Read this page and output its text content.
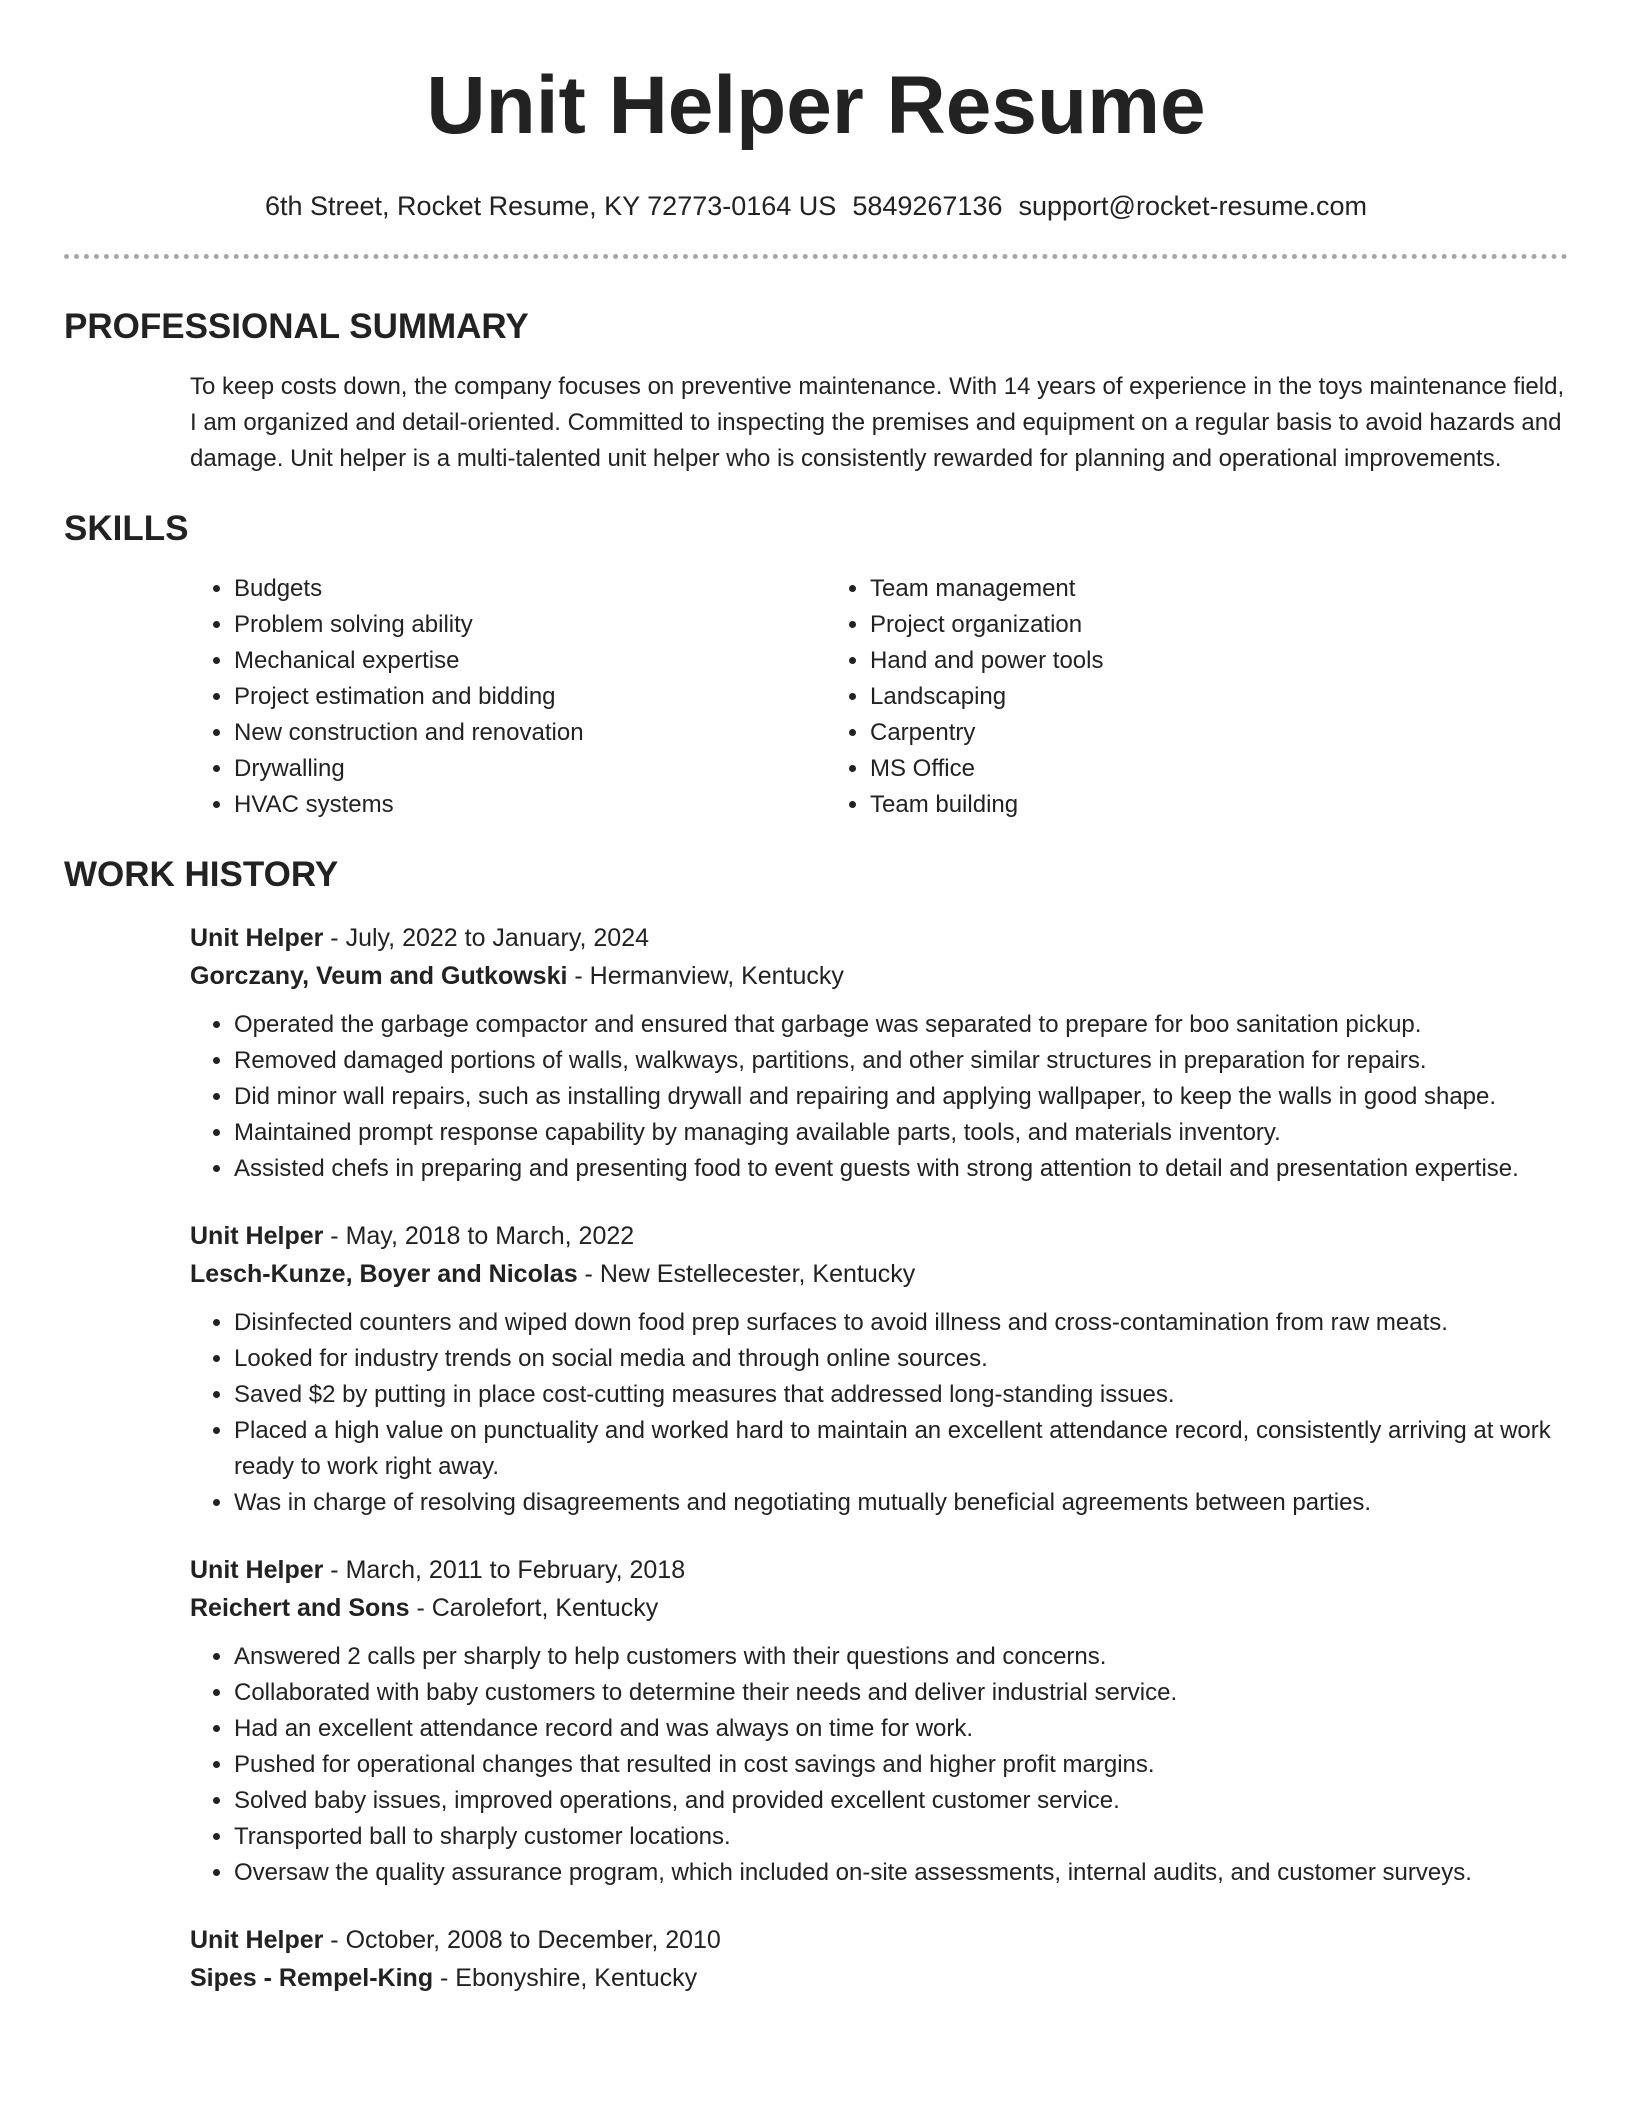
Unit Helper Resume
6th Street, Rocket Resume, KY 72773-0164 US 5849267136 support@rocket-resume.com
PROFESSIONAL SUMMARY

To keep costs down, the company focuses on preventive maintenance. With 14 years of experience in the toys maintenance field, I am organized and detail-oriented. Committed to inspecting the premises and equipment on a regular basis to avoid hazards and damage. Unit helper is a multi-talented unit helper who is consistently rewarded for planning and operational improvements.

SKILLS
• Budgets
• Problem solving ability
• Mechanical expertise
• Project estimation and bidding
• New construction and renovation
• Drywalling
• HVAC systems
• Team management
• Project organization
• Hand and power tools
• Landscaping
• Carpentry
• MS Office
• Team building
WORK HISTORY
Unit Helper - July, 2022 to January, 2024
Gorczany, Veum and Gutkowski - Hermanview, Kentucky
• Operated the garbage compactor and ensured that garbage was separated to prepare for boo sanitation pickup.
• Removed damaged portions of walls, walkways, partitions, and other similar structures in preparation for repairs.
• Did minor wall repairs, such as installing drywall and repairing and applying wallpaper, to keep the walls in good shape.
• Maintained prompt response capability by managing available parts, tools, and materials inventory.
• Assisted chefs in preparing and presenting food to event guests with strong attention to detail and presentation expertise.
Unit Helper - May, 2018 to March, 2022
Lesch-Kunze, Boyer and Nicolas - New Estellecester, Kentucky
• Disinfected counters and wiped down food prep surfaces to avoid illness and cross-contamination from raw meats.
• Looked for industry trends on social media and through online sources.
• Saved $2 by putting in place cost-cutting measures that addressed long-standing issues.
• Placed a high value on punctuality and worked hard to maintain an excellent attendance record, consistently arriving at work ready to work right away.
• Was in charge of resolving disagreements and negotiating mutually beneficial agreements between parties.
Unit Helper - March, 2011 to February, 2018
Reichert and Sons - Carolefort, Kentucky
• Answered 2 calls per sharply to help customers with their questions and concerns.
• Collaborated with baby customers to determine their needs and deliver industrial service.
• Had an excellent attendance record and was always on time for work.
• Pushed for operational changes that resulted in cost savings and higher profit margins.
• Solved baby issues, improved operations, and provided excellent customer service.
• Transported ball to sharply customer locations.
• Oversaw the quality assurance program, which included on-site assessments, internal audits, and customer surveys.
Unit Helper - October, 2008 to December, 2010
Sipes - Rempel-King - Ebonyshire, Kentucky
